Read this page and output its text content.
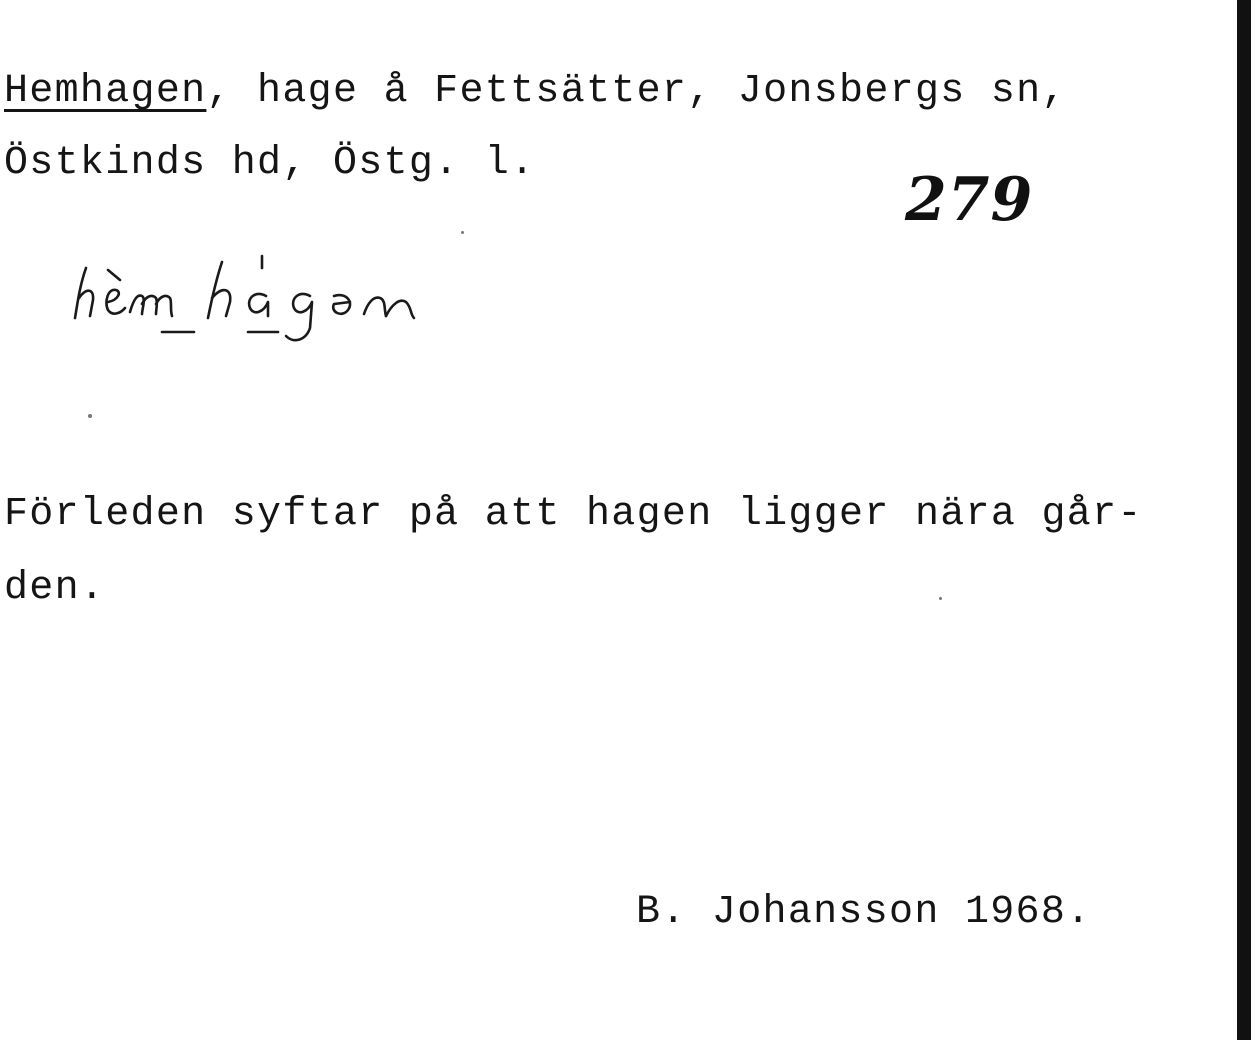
Hemhagen, hage å Fettsätter, Jonsbergs sn,

Östkinds hd, Östg. l.

279

Förleden syftar på att hagen ligger nära går-

den.

B. Johansson 1968.
